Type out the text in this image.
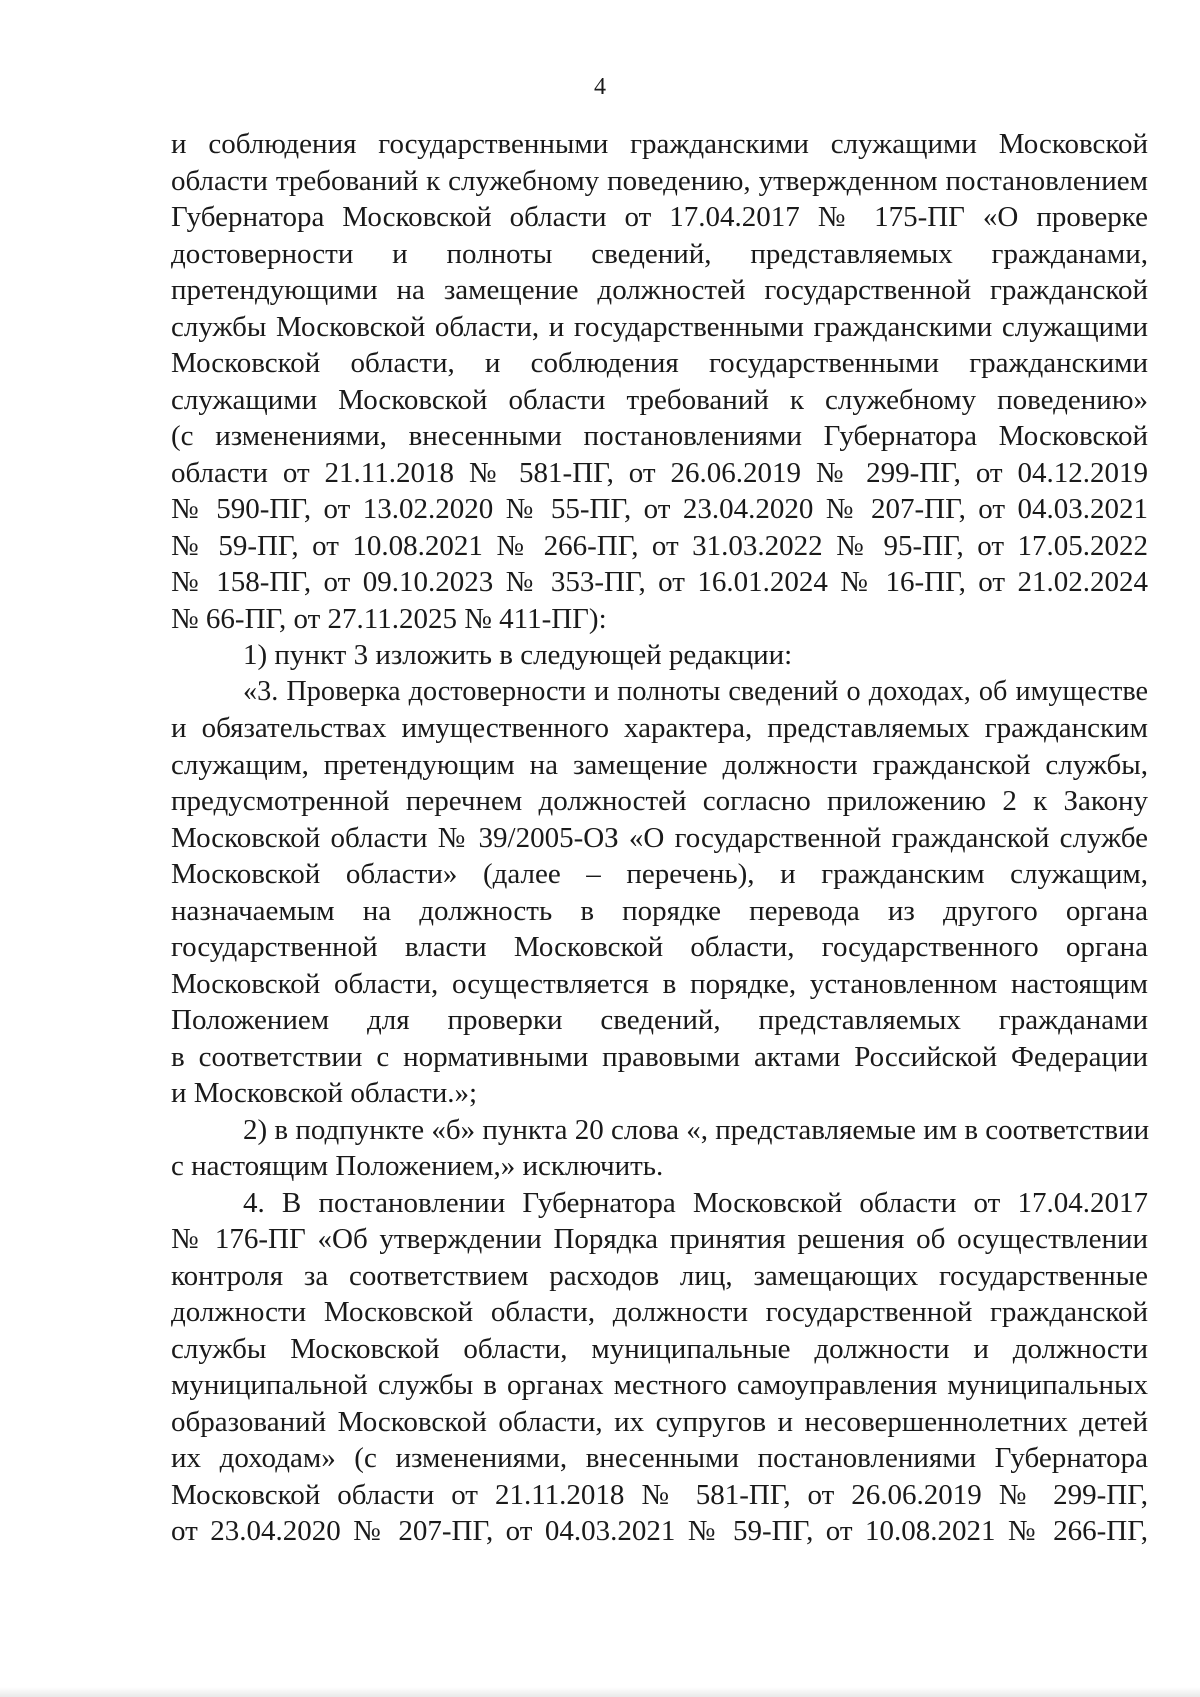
4

и соблюдения государственными гражданскими служащими Московской
области требований к служебному поведению, утвержденном постановлением
Губернатора Московской области от 17.04.2017 № 175-ПГ «О проверке
достоверности и полноты сведений, представляемых гражданами,
претендующими на замещение должностей государственной гражданской
службы Московской области, и государственными гражданскими служащими
Московской области, и соблюдения государственными гражданскими
служащими Московской области требований к служебному поведению»
(с изменениями, внесенными постановлениями Губернатора Московской
области от 21.11.2018 № 581-ПГ, от 26.06.2019 № 299-ПГ, от 04.12.2019
№ 590-ПГ, от 13.02.2020 № 55-ПГ, от 23.04.2020 № 207-ПГ, от 04.03.2021
№ 59-ПГ, от 10.08.2021 № 266-ПГ, от 31.03.2022 № 95-ПГ, от 17.05.2022
№ 158-ПГ, от 09.10.2023 № 353-ПГ, от 16.01.2024 № 16-ПГ, от 21.02.2024
№ 66-ПГ, от 27.11.2025 № 411-ПГ):

1) пункт 3 изложить в следующей редакции:

«3. Проверка достоверности и полноты сведений о доходах, об имуществе
и обязательствах имущественного характера, представляемых гражданским
служащим, претендующим на замещение должности гражданской службы,
предусмотренной перечнем должностей согласно приложению 2 к Закону
Московской области № 39/2005-ОЗ «О государственной гражданской службе
Московской области» (далее – перечень), и гражданским служащим,
назначаемым на должность в порядке перевода из другого органа
государственной власти Московской области, государственного органа
Московской области, осуществляется в порядке, установленном настоящим
Положением для проверки сведений, представляемых гражданами
в соответствии с нормативными правовыми актами Российской Федерации
и Московской области.»;

2) в подпункте «б» пункта 20 слова «, представляемые им в соответствии
с настоящим Положением,» исключить.

4. В постановлении Губернатора Московской области от 17.04.2017
№ 176-ПГ «Об утверждении Порядка принятия решения об осуществлении
контроля за соответствием расходов лиц, замещающих государственные
должности Московской области, должности государственной гражданской
службы Московской области, муниципальные должности и должности
муниципальной службы в органах местного самоуправления муниципальных
образований Московской области, их супругов и несовершеннолетних детей
их доходам» (с изменениями, внесенными постановлениями Губернатора
Московской области от 21.11.2018 № 581-ПГ, от 26.06.2019 № 299-ПГ,
от 23.04.2020 № 207-ПГ, от 04.03.2021 № 59-ПГ, от 10.08.2021 № 266-ПГ,
